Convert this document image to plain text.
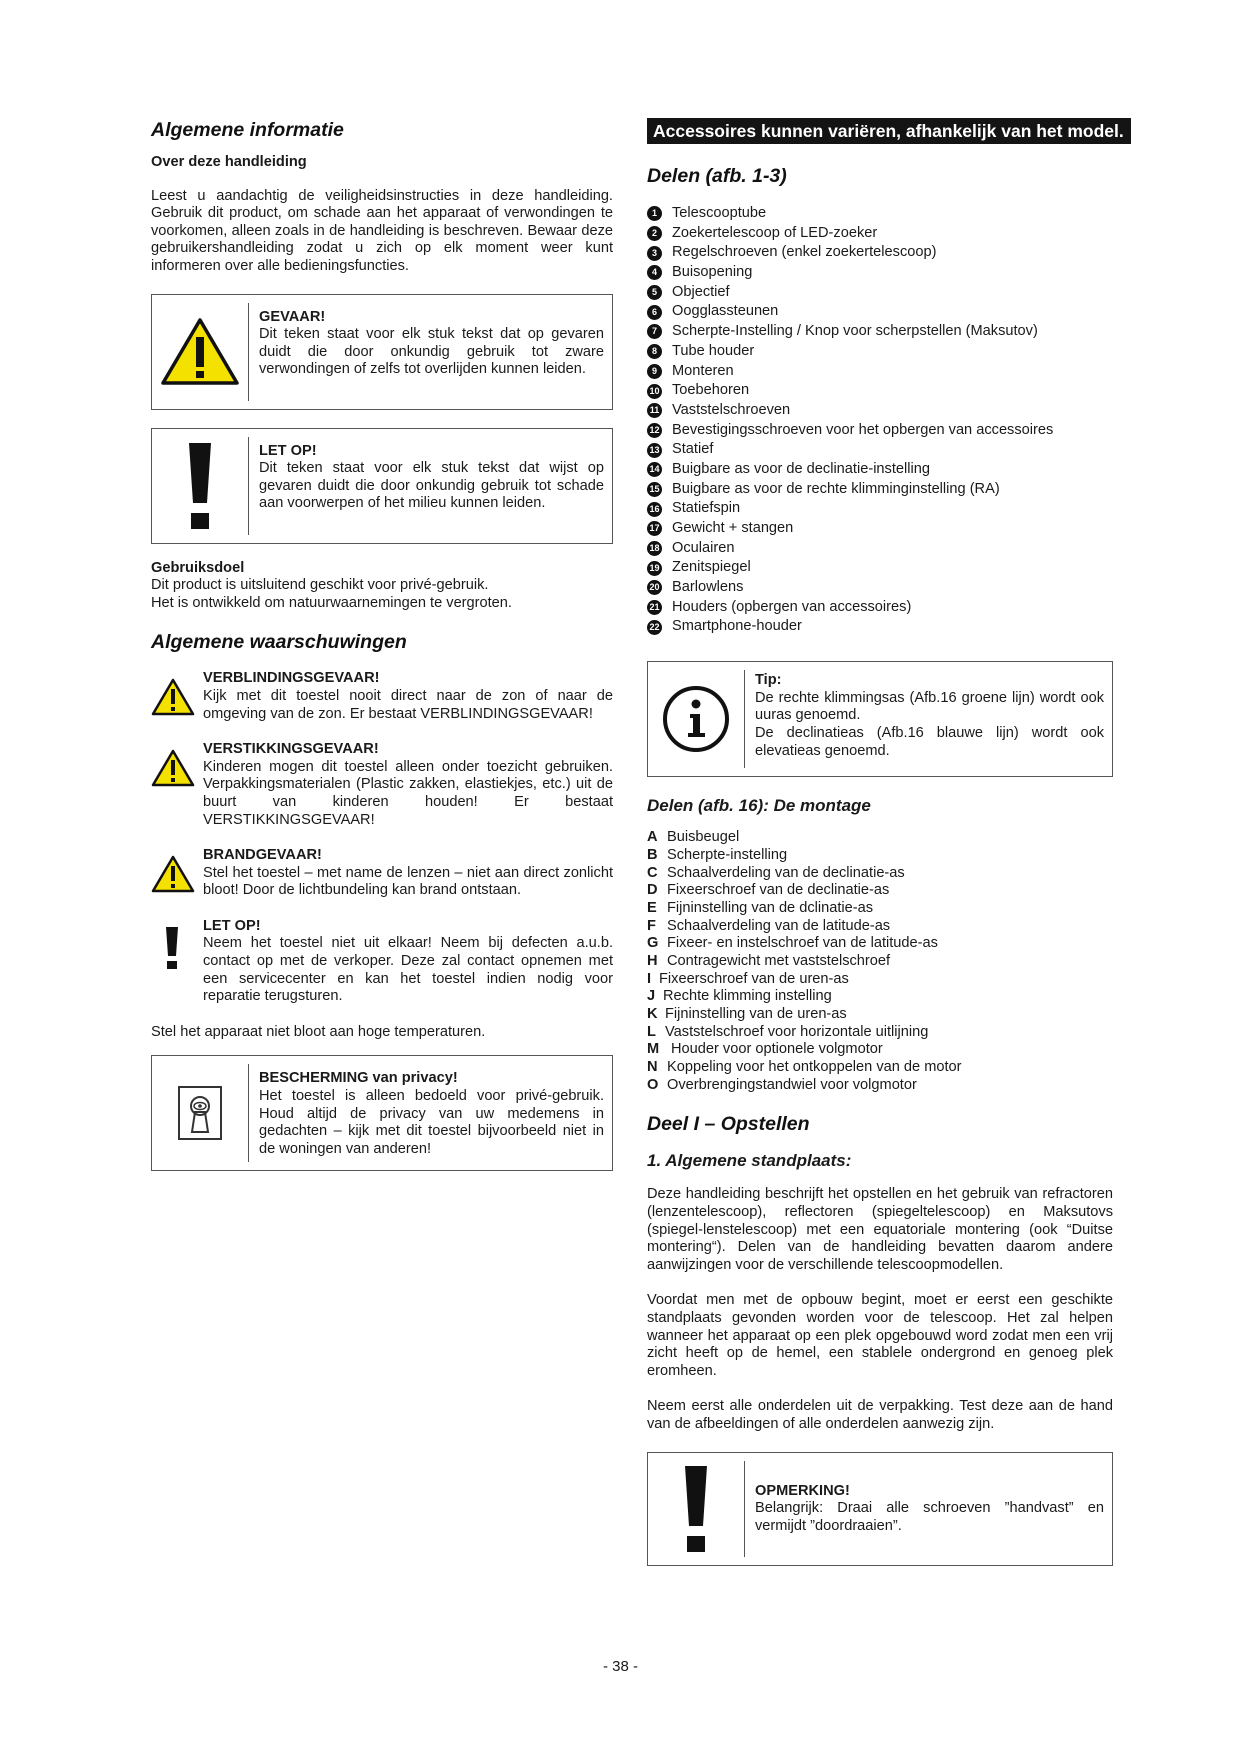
Algemene informatie
Over deze handleiding

Leest u aandachtig de veiligheidsinstructies in deze handleiding. Gebruik dit product, om schade aan het apparaat of verwondingen te voorkomen, alleen zoals in de handleiding is beschreven. Bewaar deze gebruikershandleiding zodat u zich op elk moment weer kunt informeren over alle bedieningsfuncties.

GEVAAR!
Dit teken staat voor elk stuk tekst dat op gevaren duidt die door onkundig gebruik tot zware verwondingen of zelfs tot overlijden kunnen leiden.
LET OP!
Dit teken staat voor elk stuk tekst dat wijst op gevaren duidt die door onkundig gebruik tot schade aan voorwerpen of het milieu kunnen leiden.
Gebruiksdoel

Dit product is uitsluitend geschikt voor privé-gebruik.

Het is ontwikkeld om natuurwaarnemingen te vergroten.

Algemene waarschuwingen
VERBLINDINGSGEVAAR!
Kijk met dit toestel nooit direct naar de zon of naar de omgeving van de zon. Er bestaat VERBLINDINGSGEVAAR!
VERSTIKKINGSGEVAAR!
Kinderen mogen dit toestel alleen onder toezicht gebruiken. Verpakkingsmaterialen (Plastic zakken, elastiekjes, etc.) uit de buurt van kinderen houden! Er bestaat VERSTIKKINGSGEVAAR!
BRANDGEVAAR!
Stel het toestel – met name de lenzen – niet aan direct zonlicht bloot! Door de lichtbundeling kan brand ontstaan.
LET OP!
Neem het toestel niet uit elkaar! Neem bij defecten a.u.b. contact op met de verkoper. Deze zal contact opnemen met een servicecenter en kan het toestel indien nodig voor reparatie terugsturen.

Stel het apparaat niet bloot aan hoge temperaturen.

BESCHERMING van privacy!
Het toestel is alleen bedoeld voor privé-gebruik. Houd altijd de privacy van uw medemens in gedachten – kijk met dit toestel bijvoorbeeld niet in de woningen van anderen!
Accessoires kunnen variëren, afhankelijk van het model.
Delen (afb. 1-3)
1	Telescooptube
2	Zoekertelescoop of LED-zoeker
3	Regelschroeven (enkel zoekertelescoop)
4	Buisopening
5	Objectief
6	Oogglassteunen
7	Scherpte-Instelling / Knop voor scherpstellen (Maksutov)
8	Tube houder
9	Monteren
10 Toebehoren
11 Vaststelschroeven
12 Bevestigingsschroeven voor het opbergen van accessoires
13 Statief
14 Buigbare as voor de declinatie-instelling
15 Buigbare as voor de rechte klimminginstelling (RA)
16 Statiefspin
17 Gewicht + stangen
18 Oculairen
19 Zenitspiegel
20 Barlowlens
21 Houders (opbergen van accessoires)
22 Smartphone-houder
Tip:
De rechte klimmingsas (Afb.16 groene lijn) wordt ook uuras genoemd.
De declinatieas (Afb.16 blauwe lijn) wordt ook elevatieas genoemd.
Delen (afb. 16): De montage
A Buisbeugel
B Scherpte-instelling
C Schaalverdeling van de declinatie-as
D Fixeerschroef van de declinatie-as
E Fijninstelling van de dclinatie-as
F Schaalverdeling van de latitude-as
G Fixeer- en instelschroef van de latitude-as
H Contragewicht met vaststelschroef
I Fixeerschroef van de uren-as
J Rechte klimming instelling
K Fijninstelling van de uren-as
L Vaststelschroef voor horizontale uitlijning
M Houder voor optionele volgmotor
N Koppeling voor het ontkoppelen van de motor
O Overbrengingstandwiel voor volgmotor
Deel I – Opstellen
1. Algemene standplaats:

Deze handleiding beschrijft het opstellen en het gebruik van refractoren (lenzentelescoop), reflectoren (spiegeltelescoop) en Maksutovs (spiegel-lenstelescoop) met een equatoriale montering (ook “Duitse montering“). Delen van de handleiding bevatten daarom andere aanwijzingen voor de verschillende telescoopmodellen.

Voordat men met de opbouw begint, moet er eerst een geschikte standplaats gevonden worden voor de telescoop. Het zal helpen wanneer het apparaat op een plek opgebouwd word zodat men een vrij zicht heeft op de hemel, een stablele ondergrond en genoeg plek eromheen.

Neem eerst alle onderdelen uit de verpakking. Test deze aan de hand van de afbeeldingen of alle onderdelen aanwezig zijn.

OPMERKING!
Belangrijk: Draai alle schroeven ”handvast” en vermijdt ”doordraaien”.
- 38 -
